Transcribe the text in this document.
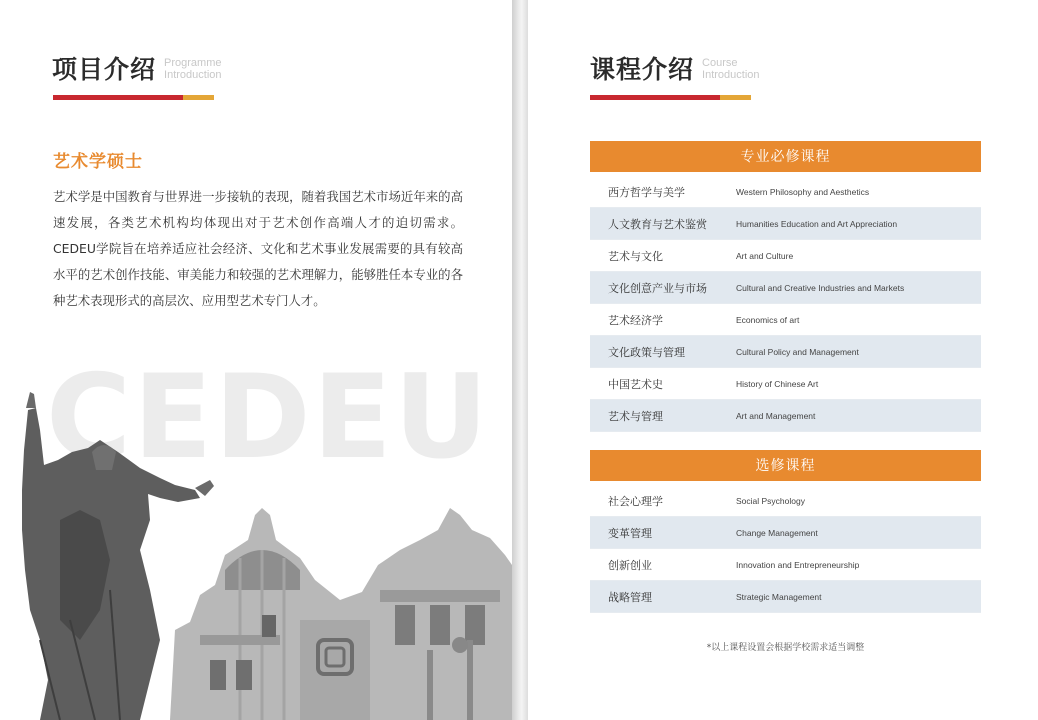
项目介绍 Programme
Introduction
艺术学硕士

艺术学是中国教育与世界进一步接轨的表现，随着我国艺术市场近年来的高速发展，各类艺术机构均体现出对于艺术创作高端人才的迫切需求。CEDEU学院旨在培养适应社会经济、文化和艺术事业发展需要的具有较高水平的艺术创作技能、审美能力和较强的艺术理解力，能够胜任本专业的各种艺术表现形式的高层次、应用型艺术专门人才。

课程介绍 Course
Introduction
专业必修课程
西方哲学与美学	Western Philosophy and Aesthetics
人文教育与艺术鉴赏	Humanities Education and Art Appreciation
艺术与文化	Art and Culture
文化创意产业与市场	Cultural and Creative Industries and Markets
艺术经济学	Economics of art
文化政策与管理	Cultural Policy and Management
中国艺术史	History of Chinese Art
艺术与管理	Art and Management
选修课程
社会心理学	Social Psychology
变革管理	Change Management
创新创业	Innovation and Entrepreneurship
战略管理	Strategic Management
*以上课程设置会根据学校需求适当调整
